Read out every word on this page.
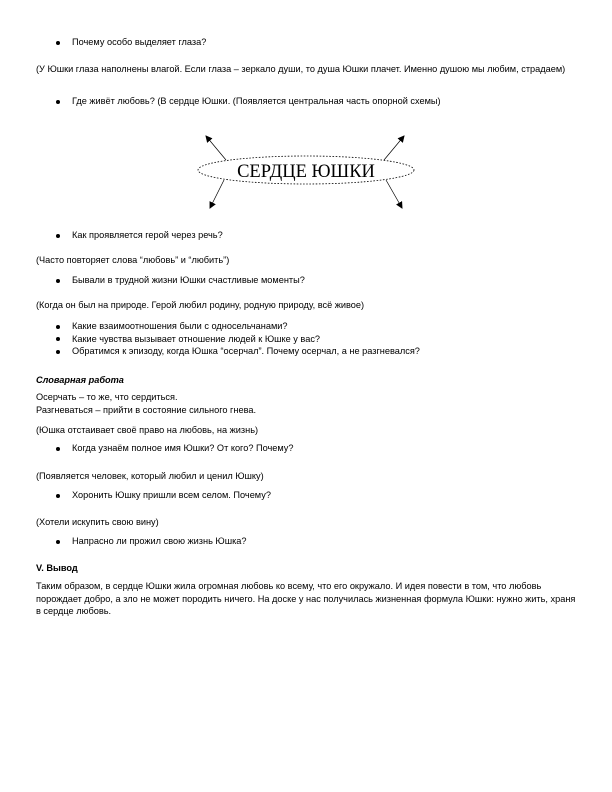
Почему особо выделяет глаза?
(У Юшки глаза наполнены влагой. Если глаза – зеркало души, то душа Юшки плачет. Именно душою мы любим, страдаем)
Где живёт любовь? (В сердце Юшки. (Появляется центральная часть опорной схемы)
СЕРДЦЕ ЮШКИ
Как проявляется герой через речь?
(Часто повторяет слова “любовь” и “любить”)
Бывали в трудной жизни Юшки счастливые моменты?
(Когда он был на природе. Герой любил родину, родную природу, всё живое)
Какие взаимоотношения были с односельчанами?
Какие чувства вызывает отношение людей к Юшке у вас?
Обратимся к эпизоду, когда Юшка “осерчал”. Почему осерчал, а не разгневался?
Словарная работа
Осерчать – то же, что сердиться.
Разгневаться – прийти в состояние сильного гнева.
(Юшка отстаивает своё право на любовь, на жизнь)
Когда узнаём полное имя Юшки? От кого? Почему?
(Появляется человек, который любил и ценил Юшку)
Хоронить Юшку пришли всем селом. Почему?
(Хотели искупить свою вину)
Напрасно ли прожил свою жизнь Юшка?
V. Вывод
Таким образом, в сердце Юшки жила огромная любовь ко всему, что его окружало. И идея повести в том, что любовь порождает добро, а зло не может породить ничего. На доске у нас получилась жизненная формула Юшки: нужно жить, храня в сердце любовь.
